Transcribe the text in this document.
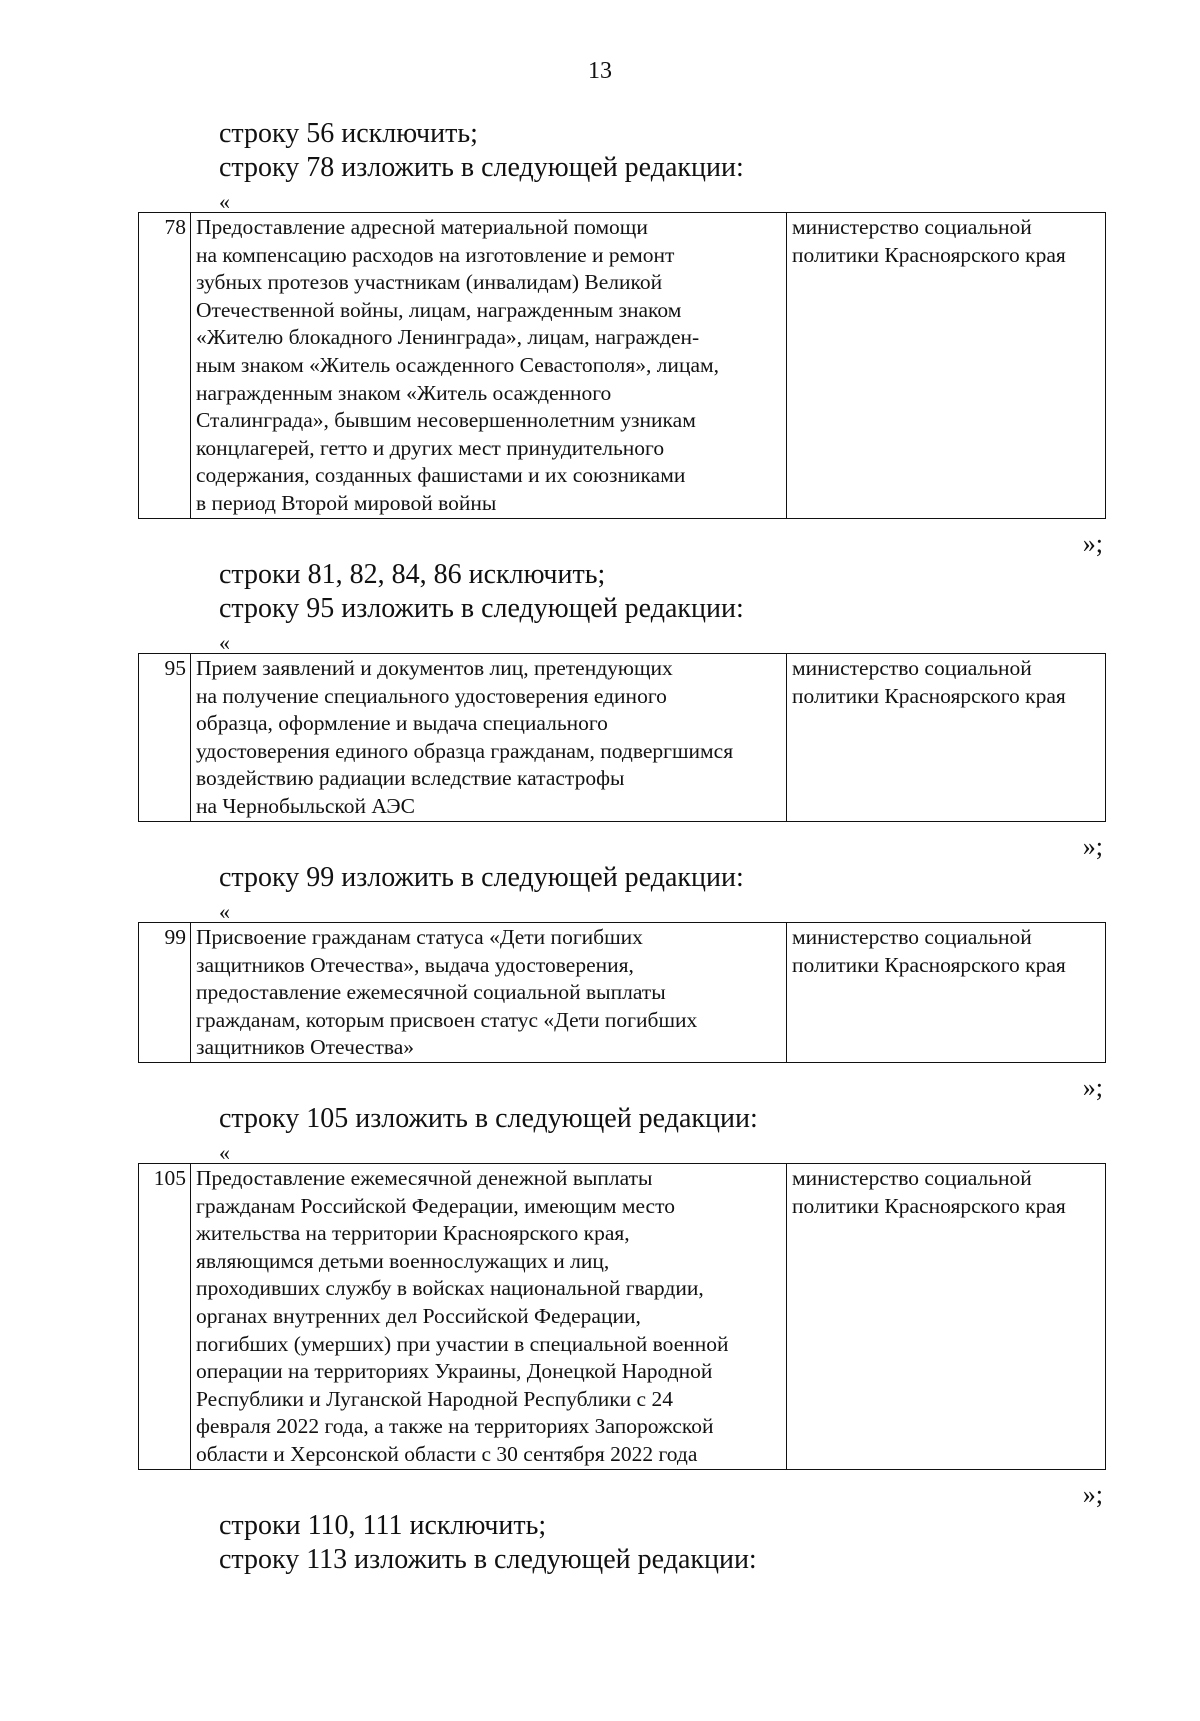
13
строку 56 исключить;
строку 78 изложить в следующей редакции:
«
78	Предоставление адресной материальной помощи
на компенсацию расходов на изготовление и ремонт
зубных протезов участникам (инвалидам) Великой
Отечественной войны, лицам, награжденным знаком
«Жителю блокадного Ленинграда», лицам, награжден-
ным знаком «Житель осажденного Севастополя», лицам,
награжденным знаком «Житель осажденного
Сталинграда», бывшим несовершеннолетним узникам
концлагерей, гетто и других мест принудительного
содержания, созданных фашистами и их союзниками
в период Второй мировой войны	министерство социальной
политики Красноярского края
»;
строки 81, 82, 84, 86 исключить;
строку 95 изложить в следующей редакции:
«
95	Прием заявлений и документов лиц, претендующих
на получение специального удостоверения единого
образца, оформление и выдача специального
удостоверения единого образца гражданам, подвергшимся
воздействию радиации вследствие катастрофы
на Чернобыльской АЭС	министерство социальной
политики Красноярского края
»;
строку 99 изложить в следующей редакции:
«
99	Присвоение гражданам статуса «Дети погибших
защитников Отечества», выдача удостоверения,
предоставление ежемесячной социальной выплаты
гражданам, которым присвоен статус «Дети погибших
защитников Отечества»	министерство социальной
политики Красноярского края
»;
строку 105 изложить в следующей редакции:
«
105	Предоставление ежемесячной денежной выплаты
гражданам Российской Федерации, имеющим место
жительства на территории Красноярского края,
являющимся детьми военнослужащих и лиц,
проходивших службу в войсках национальной гвардии,
органах внутренних дел Российской Федерации,
погибших (умерших) при участии в специальной военной
операции на территориях Украины, Донецкой Народной
Республики и Луганской Народной Республики с 24
февраля 2022 года, а также на территориях Запорожской
области и Херсонской области с 30 сентября 2022 года	министерство социальной
политики Красноярского края
»;
строки 110, 111 исключить;
строку 113 изложить в следующей редакции:
